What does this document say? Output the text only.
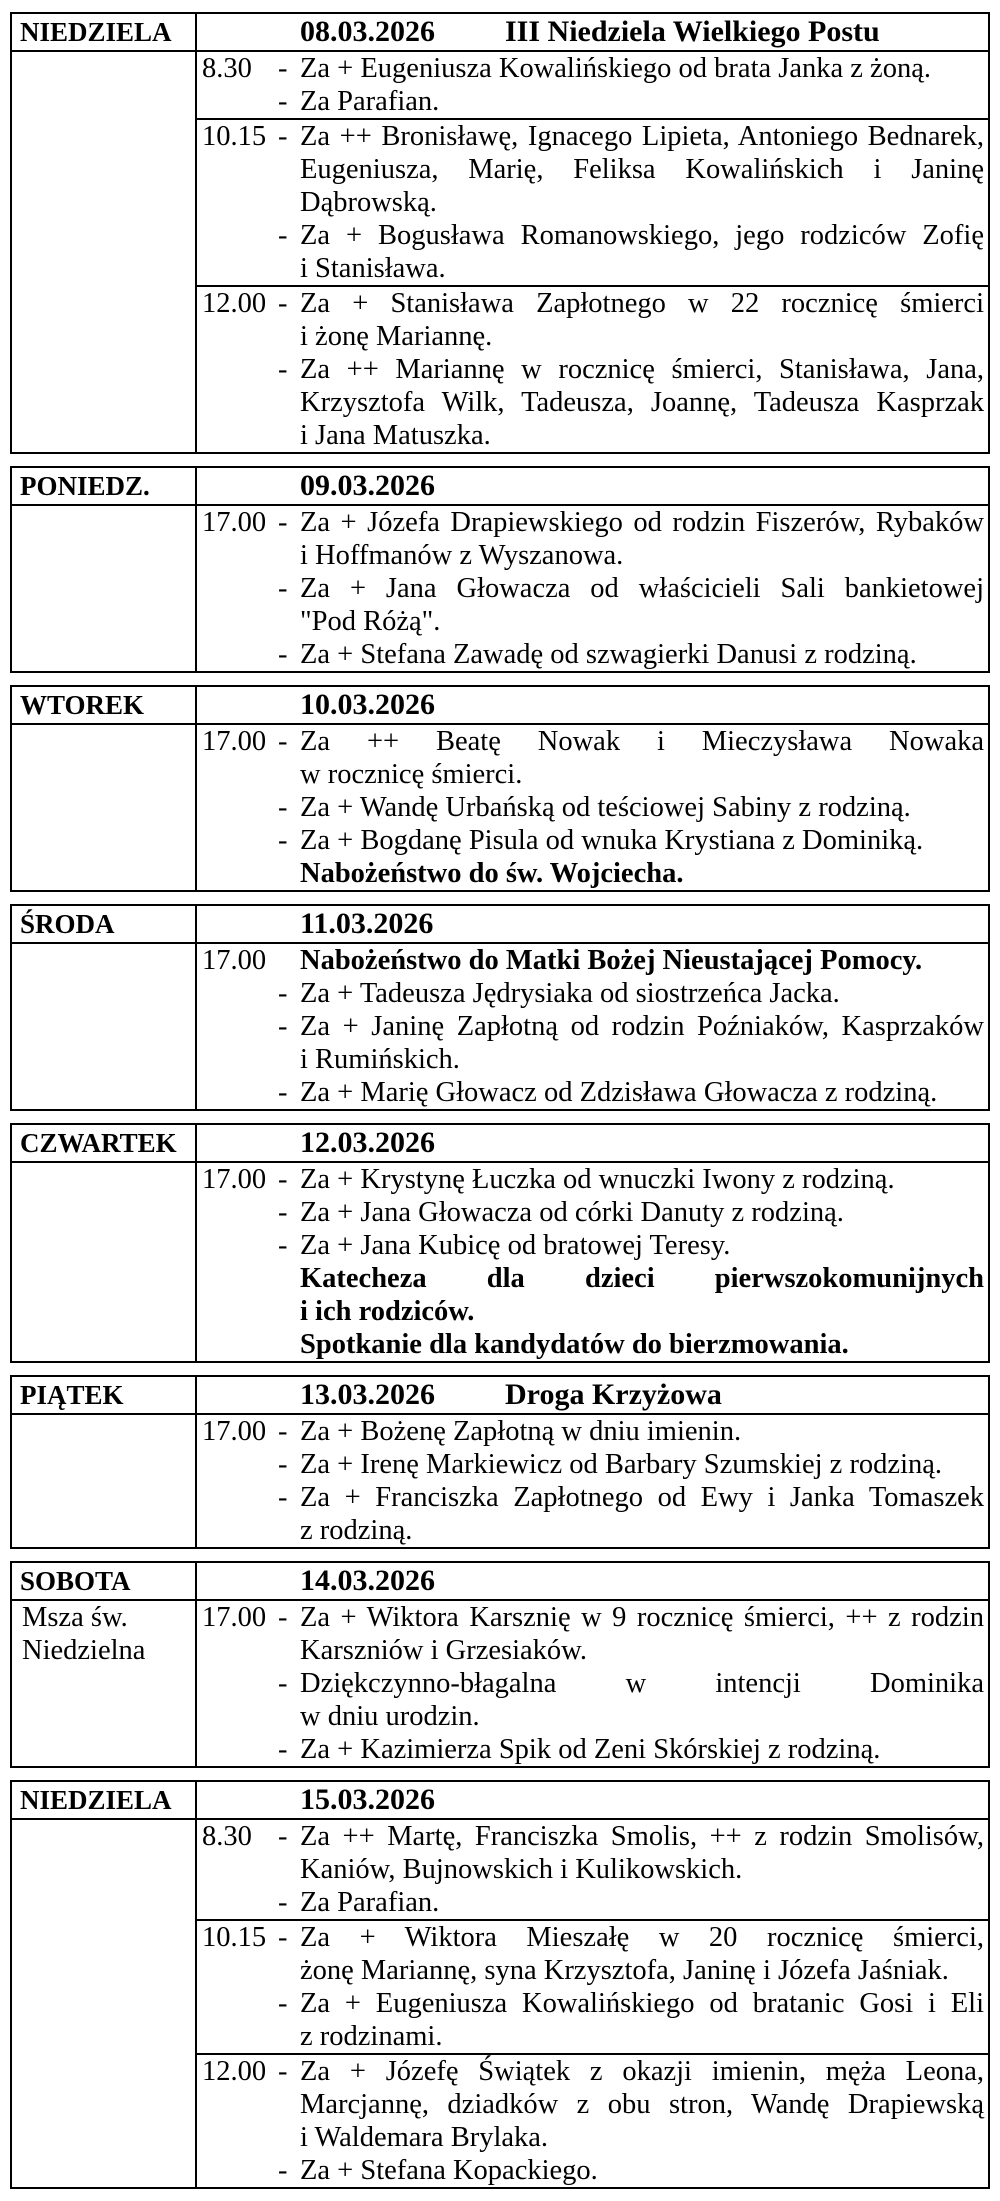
NIEDZIELA	08.03.2026 III Niedziela Wielkiego Postu
8.30 - Za + Eugeniusza Kowalińskiego od brata Janka z żoną.
- Za Parafian.
10.15 - Za ++ Bronisławę, Ignacego Lipieta, Antoniego Bednarek,
Eugeniusza, Marię, Feliksa Kowalińskich i Janinę
Dąbrowską.
- Za + Bogusława Romanowskiego, jego rodziców Zofię
i Stanisława.
12.00 - Za + Stanisława Zapłotnego w 22 rocznicę śmierci
i żonę Mariannę.
- Za ++ Mariannę w rocznicę śmierci, Stanisława, Jana,
Krzysztofa Wilk, Tadeusza, Joannę, Tadeusza Kasprzak
i Jana Matuszka.
PONIEDZ.	09.03.2026
17.00 - Za + Józefa Drapiewskiego od rodzin Fiszerów, Rybaków
i Hoffmanów z Wyszanowa.
- Za + Jana Głowacza od właścicieli Sali bankietowej
"Pod Różą".
- Za + Stefana Zawadę od szwagierki Danusi z rodziną.
WTOREK	10.03.2026
17.00 - Za ++ Beatę Nowak i Mieczysława Nowaka
w rocznicę śmierci.
- Za + Wandę Urbańską od teściowej Sabiny z rodziną.
- Za + Bogdanę Pisula od wnuka Krystiana z Dominiką.
Nabożeństwo do św. Wojciecha.
ŚRODA	11.03.2026
17.00 Nabożeństwo do Matki Bożej Nieustającej Pomocy.
- Za + Tadeusza Jędrysiaka od siostrzeńca Jacka.
- Za + Janinę Zapłotną od rodzin Poźniaków, Kasprzaków
i Rumińskich.
- Za + Marię Głowacz od Zdzisława Głowacza z rodziną.
CZWARTEK	12.03.2026
17.00 - Za + Krystynę Łuczka od wnuczki Iwony z rodziną.
- Za + Jana Głowacza od córki Danuty z rodziną.
- Za + Jana Kubicę od bratowej Teresy.
Katecheza dla dzieci pierwszokomunijnych
i ich rodziców.
Spotkanie dla kandydatów do bierzmowania.
PIĄTEK	13.03.2026 Droga Krzyżowa
17.00 - Za + Bożenę Zapłotną w dniu imienin.
- Za + Irenę Markiewicz od Barbary Szumskiej z rodziną.
- Za + Franciszka Zapłotnego od Ewy i Janka Tomaszek
z rodziną.
SOBOTA	14.03.2026
Msza św. Niedzielna
17.00 - Za + Wiktora Karsznię w 9 rocznicę śmierci, ++ z rodzin
Karszniów i Grzesiaków.
- Dziękczynno-błagalna w intencji Dominika
w dniu urodzin.
- Za + Kazimierza Spik od Zeni Skórskiej z rodziną.
NIEDZIELA	15.03.2026
8.30 - Za ++ Martę, Franciszka Smolis, ++ z rodzin Smolisów,
Kaniów, Bujnowskich i Kulikowskich.
- Za Parafian.
10.15 - Za + Wiktora Mieszałę w 20 rocznicę śmierci,
żonę Mariannę, syna Krzysztofa, Janinę i Józefa Jaśniak.
- Za + Eugeniusza Kowalińskiego od bratanic Gosi i Eli
z rodzinami.
12.00 - Za + Józefę Świątek z okazji imienin, męża Leona,
Marcjannę, dziadków z obu stron, Wandę Drapiewską
i Waldemara Brylaka.
- Za + Stefana Kopackiego.
